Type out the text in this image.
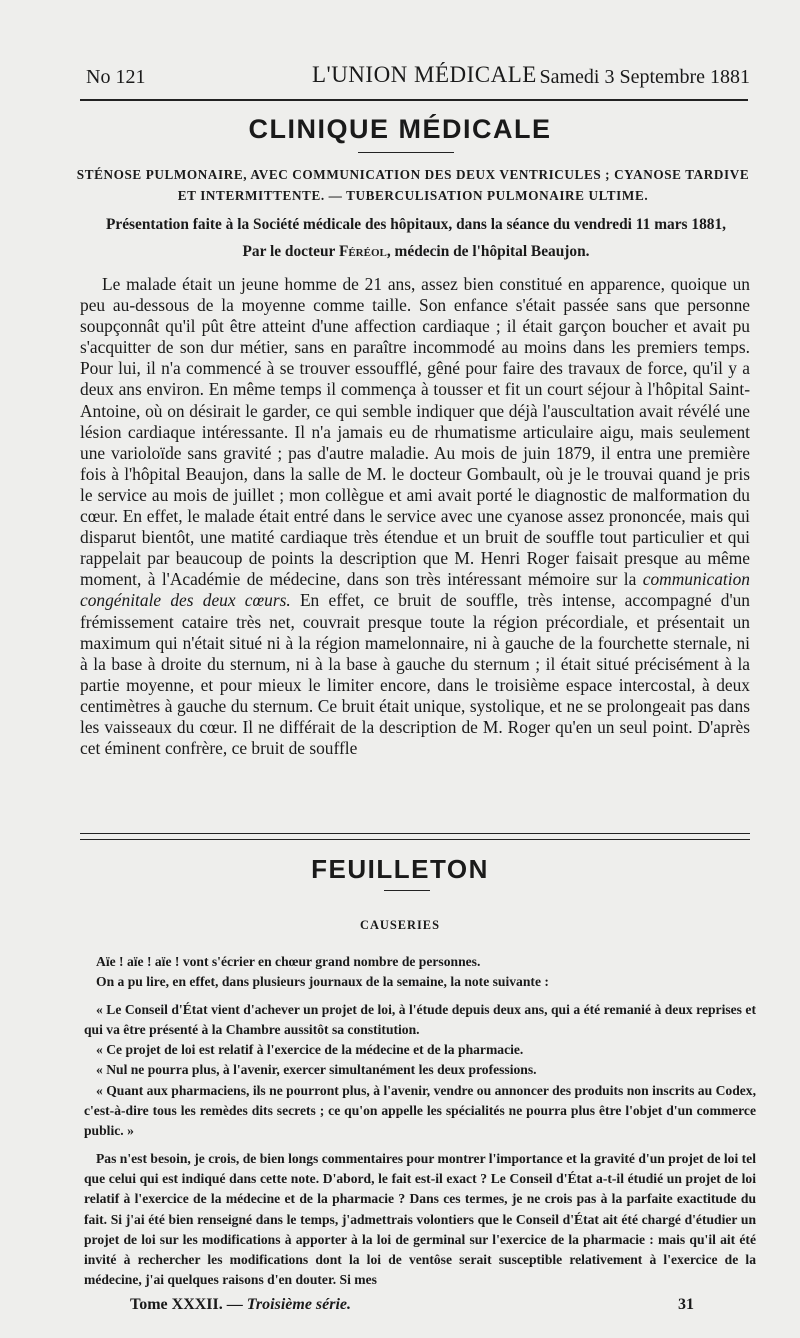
No 121	L'UNION MÉDICALE Samedi 3 Septembre 1881
CLINIQUE MÉDICALE
STÉNOSE PULMONAIRE, AVEC COMMUNICATION DES DEUX VENTRICULES ; CYANOSE TARDIVE ET INTERMITTENTE. — TUBERCULISATION PULMONAIRE ULTIME.
Présentation faite à la Société médicale des hôpitaux, dans la séance du vendredi 11 mars 1881,
Par le docteur Féréol, médecin de l'hôpital Beaujon.

Le malade était un jeune homme de 21 ans, assez bien constitué en apparence, quoique un peu au-dessous de la moyenne comme taille. Son enfance s'était passée sans que personne soupçonnât qu'il pût être atteint d'une affection cardiaque ; il était garçon boucher et avait pu s'acquitter de son dur métier, sans en paraître incommodé au moins dans les premiers temps. Pour lui, il n'a commencé à se trouver essoufflé, gêné pour faire des travaux de force, qu'il y a deux ans environ. En même temps il commença à tousser et fit un court séjour à l'hôpital Saint-Antoine, où on désirait le garder, ce qui semble indiquer que déjà l'auscultation avait révélé une lésion cardiaque intéressante. Il n'a jamais eu de rhumatisme articulaire aigu, mais seulement une varioloïde sans gravité ; pas d'autre maladie. Au mois de juin 1879, il entra une première fois à l'hôpital Beaujon, dans la salle de M. le docteur Gombault, où je le trouvai quand je pris le service au mois de juillet ; mon collègue et ami avait porté le diagnostic de malformation du cœur. En effet, le malade était entré dans le service avec une cyanose assez prononcée, mais qui disparut bientôt, une matité cardiaque très étendue et un bruit de souffle tout particulier et qui rappelait par beaucoup de points la description que M. Henri Roger faisait presque au même moment, à l'Académie de médecine, dans son très intéressant mémoire sur la communication congénitale des deux cœurs. En effet, ce bruit de souffle, très intense, accompagné d'un frémissement cataire très net, couvrait presque toute la région précordiale, et présentait un maximum qui n'était situé ni à la région mamelonnaire, ni à gauche de la fourchette sternale, ni à la base à droite du sternum, ni à la base à gauche du sternum ; il était situé précisément à la partie moyenne, et pour mieux le limiter encore, dans le troisième espace intercostal, à deux centimètres à gauche du sternum. Ce bruit était unique, systolique, et ne se prolongeait pas dans les vaisseaux du cœur. Il ne différait de la description de M. Roger qu'en un seul point. D'après cet éminent confrère, ce bruit de souffle

FEUILLETON
CAUSERIES

Aïe ! aïe ! aïe ! vont s'écrier en chœur grand nombre de personnes.

On a pu lire, en effet, dans plusieurs journaux de la semaine, la note suivante :

« Le Conseil d'État vient d'achever un projet de loi, à l'étude depuis deux ans, qui a été remanié à deux reprises et qui va être présenté à la Chambre aussitôt sa constitution.

« Ce projet de loi est relatif à l'exercice de la médecine et de la pharmacie.

« Nul ne pourra plus, à l'avenir, exercer simultanément les deux professions.

« Quant aux pharmaciens, ils ne pourront plus, à l'avenir, vendre ou annoncer des produits non inscrits au Codex, c'est-à-dire tous les remèdes dits secrets ; ce qu'on appelle les spécialités ne pourra plus être l'objet d'un commerce public. »

Pas n'est besoin, je crois, de bien longs commentaires pour montrer l'importance et la gravité d'un projet de loi tel que celui qui est indiqué dans cette note. D'abord, le fait est-il exact ? Le Conseil d'État a-t-il étudié un projet de loi relatif à l'exercice de la médecine et de la pharmacie ? Dans ces termes, je ne crois pas à la parfaite exactitude du fait. Si j'ai été bien renseigné dans le temps, j'admettrais volontiers que le Conseil d'État ait été chargé d'étudier un projet de loi sur les modifications à apporter à la loi de germinal sur l'exercice de la pharmacie : mais qu'il ait été invité à rechercher les modifications dont la loi de ventôse serait susceptible relativement à l'exercice de la médecine, j'ai quelques raisons d'en douter. Si mes

Tome XXXII. — Troisième série.	31
